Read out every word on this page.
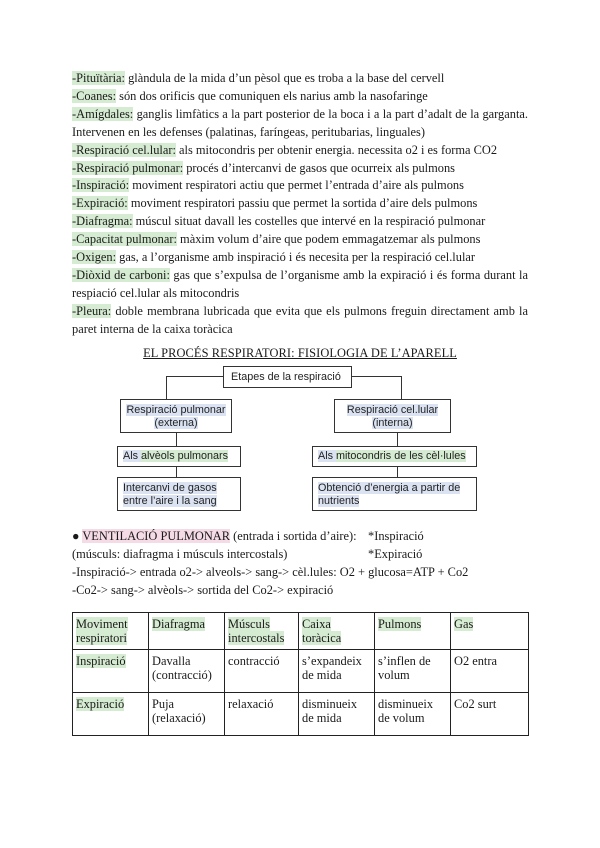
-Pituïtària: glàndula de la mida d’un pèsol que es troba a la base del cervell

-Coanes: són dos orificis que comuniquen els narius amb la nasofaringe

-Amígdales: ganglis limfàtics a la part posterior de la boca i a la part d’adalt de la garganta. Intervenen en les defenses (palatinas, faríngeas, peritubarias, linguales)

-Respiració cel.lular: als mitocondris per obtenir energia. necessita o2 i es forma CO2

-Respiració pulmonar: procés d’intercanvi de gasos que ocurreix als pulmons

-Inspiració: moviment respiratori actiu que permet l’entrada d’aire als pulmons

-Expiració: moviment respiratori passiu que permet la sortida d’aire dels pulmons

-Diafragma: múscul situat davall les costelles que intervé en la respiració pulmonar

-Capacitat pulmonar: màxim volum d’aire que podem emmagatzemar als pulmons

-Oxigen: gas, a l’organisme amb inspiració i és necesita per la respiració cel.lular

-Diòxid de carboni: gas que s’expulsa de l’organisme amb la expiració i és forma durant la respiació cel.lular als mitocondris

-Pleura: doble membrana lubricada que evita que els pulmons freguin directament amb la paret interna de la caixa toràcica

EL PROCÉS RESPIRATORI: FISIOLOGIA DE L’APARELL
Etapes de la respiració
Respiració pulmonar
(externa)
Respiració cel.lular
(interna)
Als alvèols pulmonars	Als mitocondris de les cèl·lules
Intercanvi de gasos
entre l’aire i la sang
Obtenció d’energia a partir de
nutrients
● VENTILACIÓ PULMONAR (entrada i sortida d’aire): *Inspiració
(músculs: diafragma i músculs intercostals)	*Expiració
-Inspiració-> entrada o2-> alveols-> sang-> cèl.lules: O2 + glucosa=ATP + Co2
-Co2-> sang-> alvèols-> sortida del Co2-> expiració
Moviment respiratori	Diafragma	Músculs intercostals	Caixa toràcica	Pulmons	Gas
Inspiració	Davalla (contracció)	contracció	s’expandeix de mida	s’inflen de volum	O2 entra
Expiració	Puja (relaxació)	relaxació	disminueix de mida	disminueix de volum	Co2 surt
